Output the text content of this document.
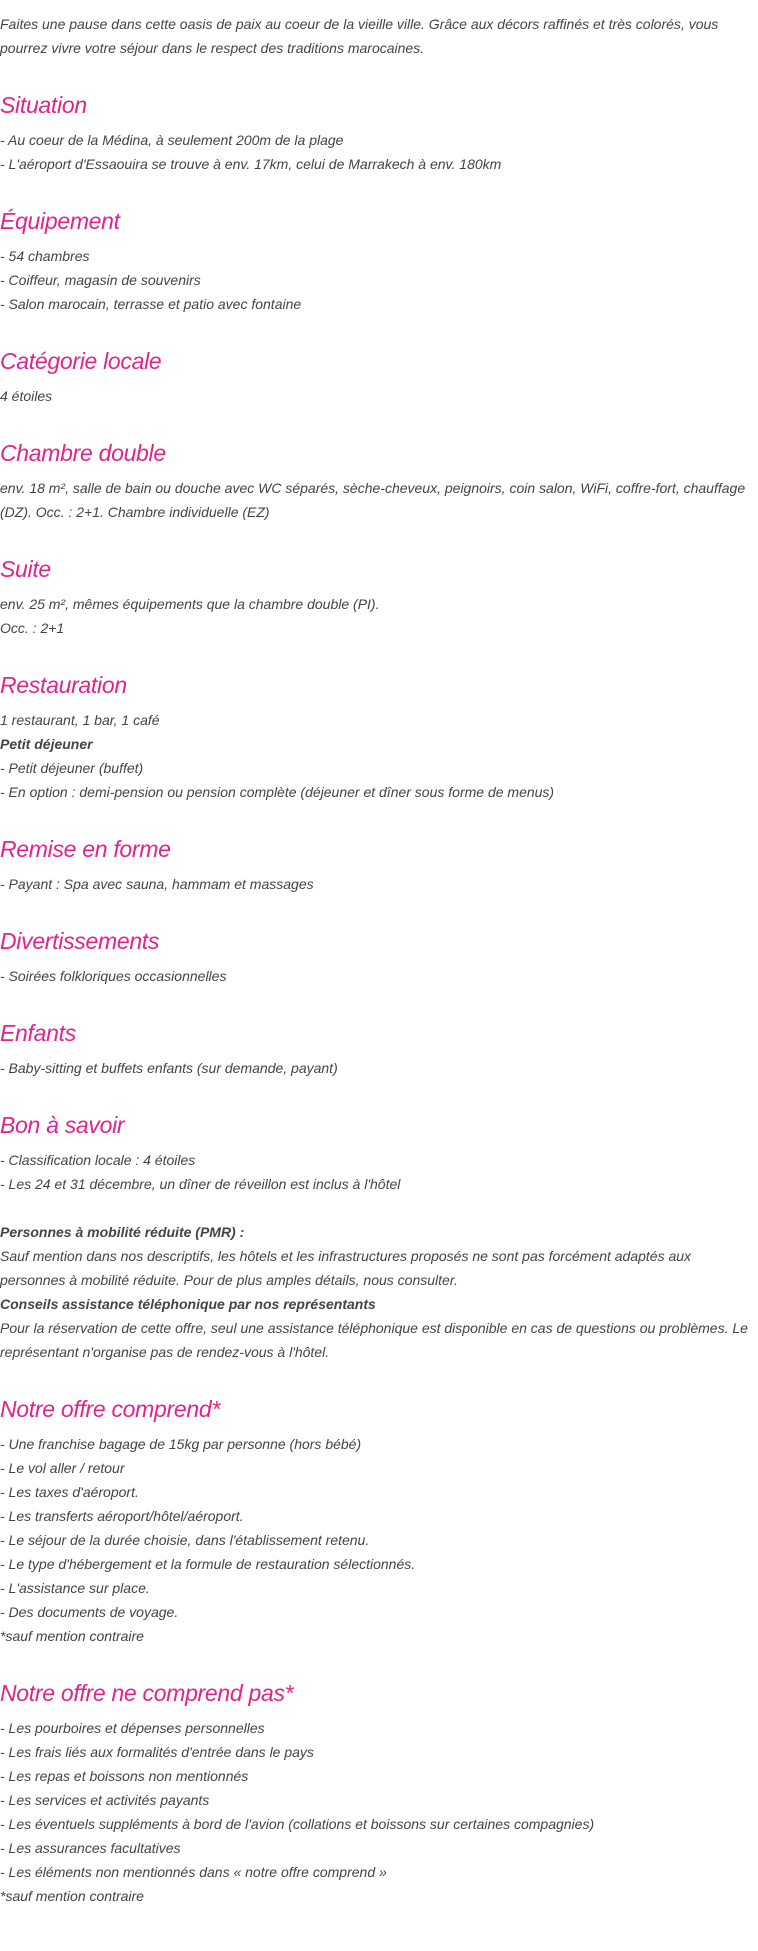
Faites une pause dans cette oasis de paix au coeur de la vieille ville. Grâce aux décors raffinés et très colorés, vous pourrez vivre votre séjour dans le respect des traditions marocaines.

Situation
- Au coeur de la Médina, à seulement 200m de la plage
- L'aéroport d'Essaouira se trouve à env. 17km, celui de Marrakech à env. 180km
Équipement
- 54 chambres
- Coiffeur, magasin de souvenirs
- Salon marocain, terrasse et patio avec fontaine
Catégorie locale
4 étoiles
Chambre double
env. 18 m², salle de bain ou douche avec WC séparés, sèche-cheveux, peignoirs, coin salon, WiFi, coffre-fort, chauffage (DZ). Occ. : 2+1. Chambre individuelle (EZ)
Suite
env. 25 m², mêmes équipements que la chambre double (PI).
Occ. : 2+1
Restauration
1 restaurant, 1 bar, 1 café
Petit déjeuner
- Petit déjeuner (buffet)
- En option : demi-pension ou pension complète (déjeuner et dîner sous forme de menus)
Remise en forme
- Payant : Spa avec sauna, hammam et massages
Divertissements
- Soirées folkloriques occasionnelles
Enfants
- Baby-sitting et buffets enfants (sur demande, payant)
Bon à savoir
- Classification locale : 4 étoiles
- Les 24 et 31 décembre, un dîner de réveillon est inclus à l'hôtel
Personnes à mobilité réduite (PMR) :
Sauf mention dans nos descriptifs, les hôtels et les infrastructures proposés ne sont pas forcément adaptés aux personnes à mobilité réduite. Pour de plus amples détails, nous consulter.
Conseils assistance téléphonique par nos représentants
Pour la réservation de cette offre, seul une assistance téléphonique est disponible en cas de questions ou problèmes. Le représentant n'organise pas de rendez-vous à l'hôtel.
Notre offre comprend*
- Une franchise bagage de 15kg par personne (hors bébé)
- Le vol aller / retour
- Les taxes d'aéroport.
- Les transferts aéroport/hôtel/aéroport.
- Le séjour de la durée choisie, dans l'établissement retenu.
- Le type d'hébergement et la formule de restauration sélectionnés.
- L'assistance sur place.
- Des documents de voyage.
*sauf mention contraire
Notre offre ne comprend pas*
- Les pourboires et dépenses personnelles
- Les frais liés aux formalités d'entrée dans le pays
- Les repas et boissons non mentionnés
- Les services et activités payants
- Les éventuels suppléments à bord de l'avion (collations et boissons sur certaines compagnies)
- Les assurances facultatives
- Les éléments non mentionnés dans « notre offre comprend »
*sauf mention contraire
